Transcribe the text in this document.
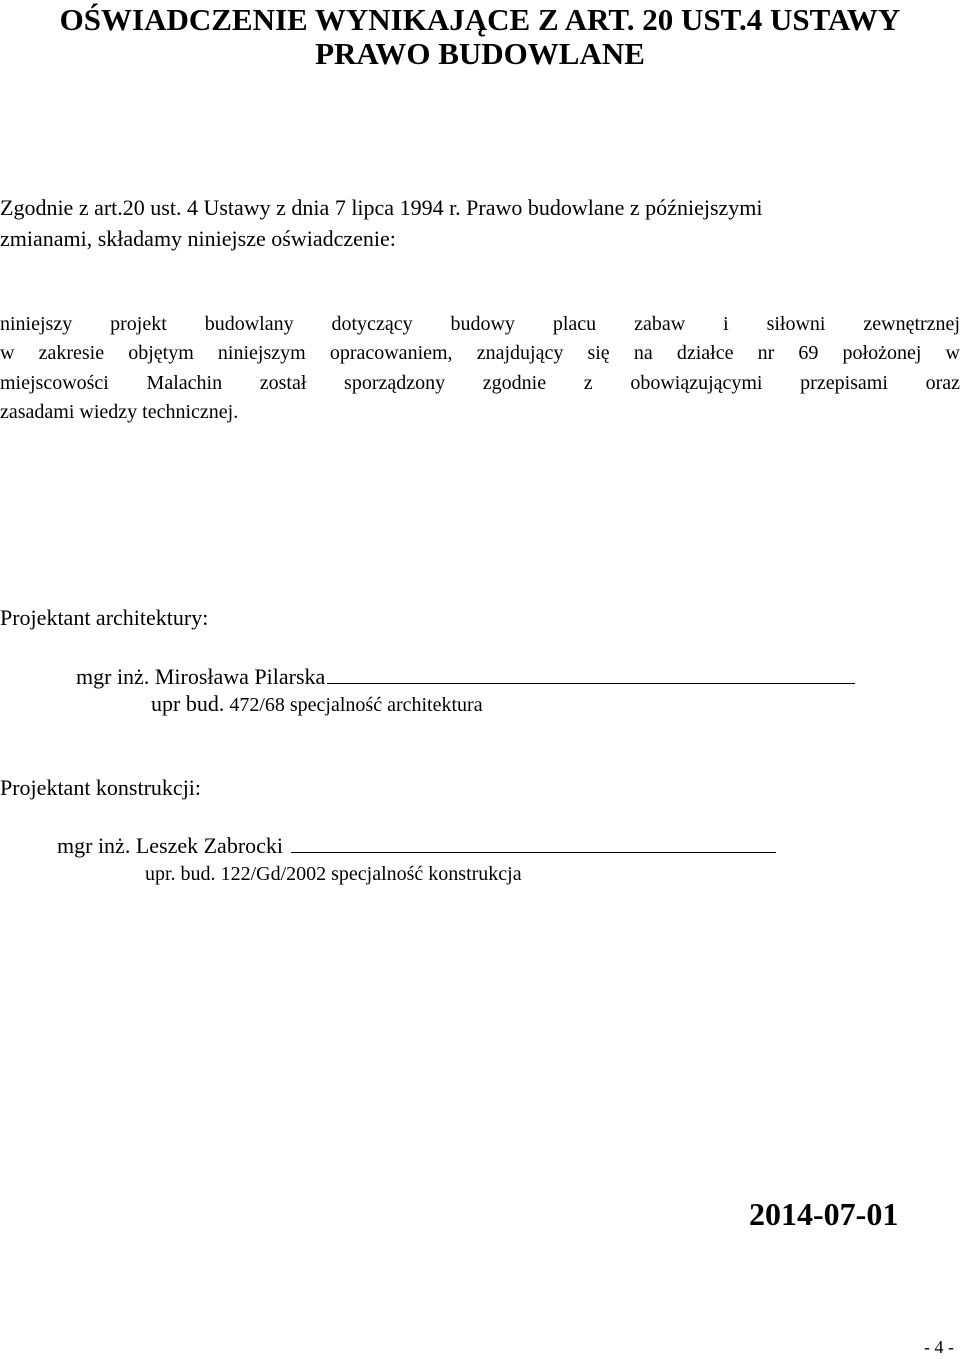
OŚWIADCZENIE WYNIKAJĄCE Z ART. 20 UST.4 USTAWY
PRAWO BUDOWLANE
Zgodnie z art.20 ust. 4 Ustawy z dnia 7 lipca 1994 r. Prawo budowlane z późniejszymi
zmianami, składamy niniejsze oświadczenie:
niniejszy projekt budowlany dotyczący budowy placu zabaw i siłowni zewnętrznej
w zakresie objętym niniejszym opracowaniem, znajdujący się na działce nr 69 położonej w
miejscowości Malachin został sporządzony zgodnie z obowiązującymi przepisami oraz
zasadami wiedzy technicznej.
Projektant architektury:
mgr inż. Mirosława Pilarska
upr bud. 472/68 specjalność architektura
Projektant konstrukcji:
mgr inż. Leszek Zabrocki
upr. bud. 122/Gd/2002 specjalność konstrukcja
2014-07-01
- 4 -
